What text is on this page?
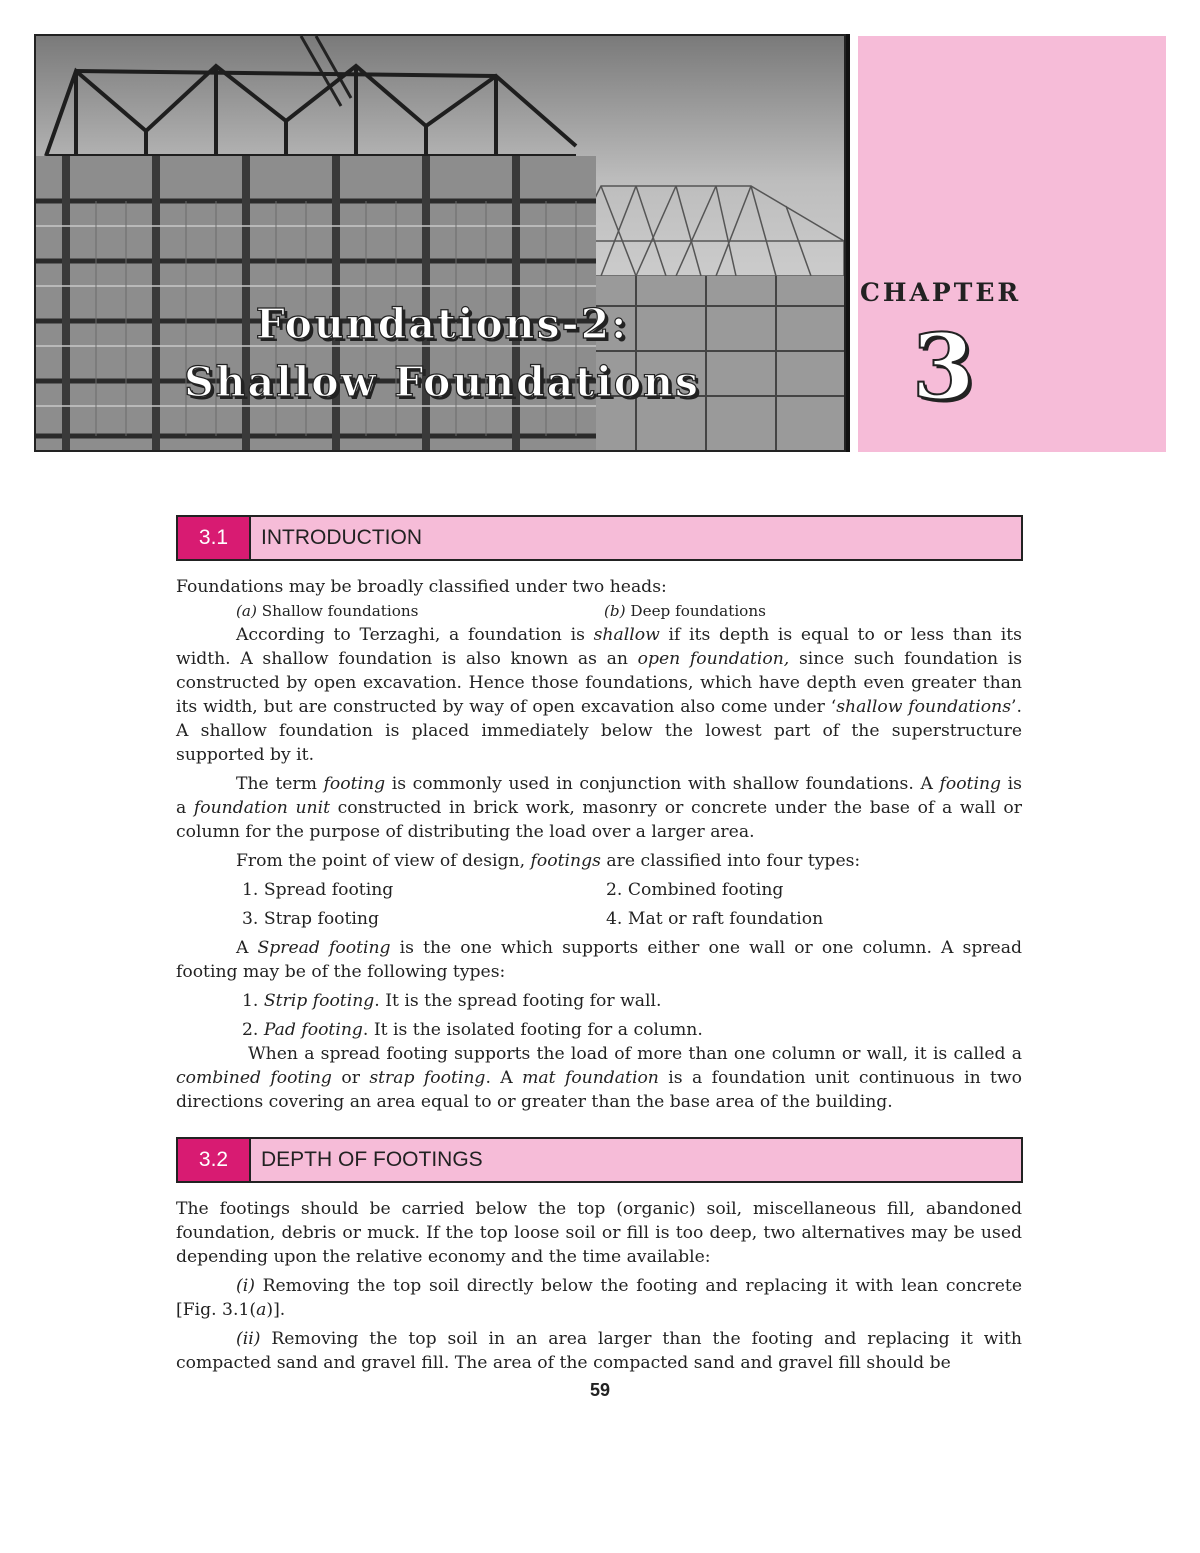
Foundations-2:
Shallow Foundations
CHAPTER
3
3.1	INTRODUCTION

Foundations may be broadly classified under two heads:

(a) Shallow foundations	(b) Deep foundations

According to Terzaghi, a foundation is shallow if its depth is equal to or less than its width. A shallow foundation is also known as an open foundation, since such foundation is constructed by open excavation. Hence those foundations, which have depth even greater than its width, but are constructed by way of open excavation also come under ‘shallow foundations’. A shallow foundation is placed immediately below the lowest part of the superstructure supported by it.

The term footing is commonly used in conjunction with shallow foundations. A footing is a foundation unit constructed in brick work, masonry or concrete under the base of a wall or column for the purpose of distributing the load over a larger area.

From the point of view of design, footings are classified into four types:

1. Spread footing	2. Combined footing
3. Strap footing	4. Mat or raft foundation

A Spread footing is the one which supports either one wall or one column. A spread footing may be of the following types:

1. Strip footing. It is the spread footing for wall.

2. Pad footing. It is the isolated footing for a column.

When a spread footing supports the load of more than one column or wall, it is called a combined footing or strap footing. A mat foundation is a foundation unit continuous in two directions covering an area equal to or greater than the base area of the building.

3.2	DEPTH OF FOOTINGS

The footings should be carried below the top (organic) soil, miscellaneous fill, abandoned foundation, debris or muck. If the top loose soil or fill is too deep, two alternatives may be used depending upon the relative economy and the time available:

(i) Removing the top soil directly below the footing and replacing it with lean concrete [Fig. 3.1(a)].

(ii) Removing the top soil in an area larger than the footing and replacing it with compacted sand and gravel fill. The area of the compacted sand and gravel fill should be

59
